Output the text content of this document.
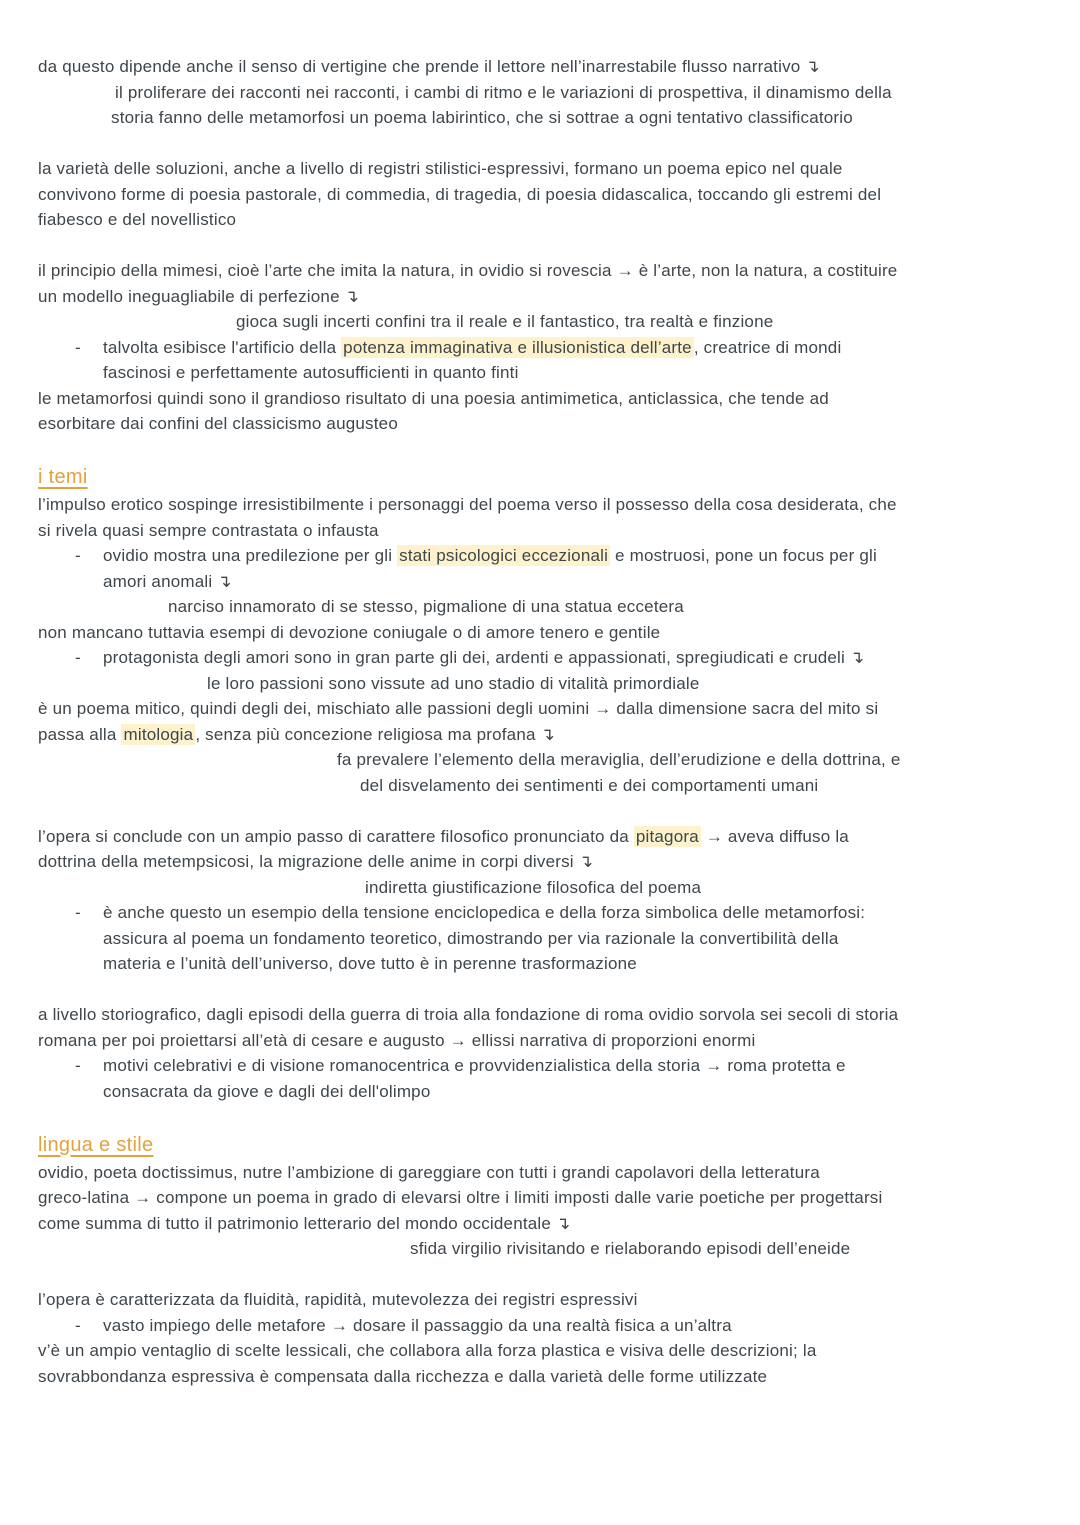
da questo dipende anche il senso di vertigine che prende il lettore nell’inarrestabile flusso narrativo ↴
il proliferare dei racconti nei racconti, i cambi di ritmo e le variazioni di prospettiva, il dinamismo della
storia fanno delle metamorfosi un poema labirintico, che si sottrae a ogni tentativo classificatorio
la varietà delle soluzioni, anche a livello di registri stilistici-espressivi, formano un poema epico nel quale
convivono forme di poesia pastorale, di commedia, di tragedia, di poesia didascalica, toccando gli estremi del
fiabesco e del novellistico
il principio della mimesi, cioè l’arte che imita la natura, in ovidio si rovescia → è l’arte, non la natura, a costituire
un modello ineguagliabile di perfezione ↴
gioca sugli incerti confini tra il reale e il fantastico, tra realtà e finzione
- talvolta esibisce l'artificio della potenza immaginativa e illusionistica dell’arte , creatrice di mondi
fascinosi e perfettamente autosufficienti in quanto finti
le metamorfosi quindi sono il grandioso risultato di una poesia antimimetica, anticlassica, che tende ad
esorbitare dai confini del classicismo augusteo
i temi
l’impulso erotico sospinge irresistibilmente i personaggi del poema verso il possesso della cosa desiderata, che
si rivela quasi sempre contrastata o infausta
- ovidio mostra una predilezione per gli stati psicologici eccezionali e mostruosi, pone un focus per gli
amori anomali ↴
narciso innamorato di se stesso, pigmalione di una statua eccetera
non mancano tuttavia esempi di devozione coniugale o di amore tenero e gentile
- protagonista degli amori sono in gran parte gli dei, ardenti e appassionati, spregiudicati e crudeli ↴
le loro passioni sono vissute ad uno stadio di vitalità primordiale
è un poema mitico, quindi degli dei, mischiato alle passioni degli uomini → dalla dimensione sacra del mito si
passa alla mitologia , senza più concezione religiosa ma profana ↴
fa prevalere l’elemento della meraviglia, dell’erudizione e della dottrina, e
del disvelamento dei sentimenti e dei comportamenti umani
l’opera si conclude con un ampio passo di carattere filosofico pronunciato da pitagora → aveva diffuso la
dottrina della metempsicosi, la migrazione delle anime in corpi diversi ↴
indiretta giustificazione filosofica del poema
- è anche questo un esempio della tensione enciclopedica e della forza simbolica delle metamorfosi:
assicura al poema un fondamento teoretico, dimostrando per via razionale la convertibilità della
materia e l’unità dell’universo, dove tutto è in perenne trasformazione
a livello storiografico, dagli episodi della guerra di troia alla fondazione di roma ovidio sorvola sei secoli di storia
romana per poi proiettarsi all’età di cesare e augusto → ellissi narrativa di proporzioni enormi
- motivi celebrativi e di visione romanocentrica e provvidenzialistica della storia → roma protetta e
consacrata da giove e dagli dei dell'olimpo
lingua e stile
ovidio, poeta doctissimus, nutre l’ambizione di gareggiare con tutti i grandi capolavori della letteratura
greco-latina → compone un poema in grado di elevarsi oltre i limiti imposti dalle varie poetiche per progettarsi
come summa di tutto il patrimonio letterario del mondo occidentale ↴
sfida virgilio rivisitando e rielaborando episodi dell’eneide
l’opera è caratterizzata da fluidità, rapidità, mutevolezza dei registri espressivi
- vasto impiego delle metafore → dosare il passaggio da una realtà fisica a un’altra
v’è un ampio ventaglio di scelte lessicali, che collabora alla forza plastica e visiva delle descrizioni; la
sovrabbondanza espressiva è compensata dalla ricchezza e dalla varietà delle forme utilizzate
